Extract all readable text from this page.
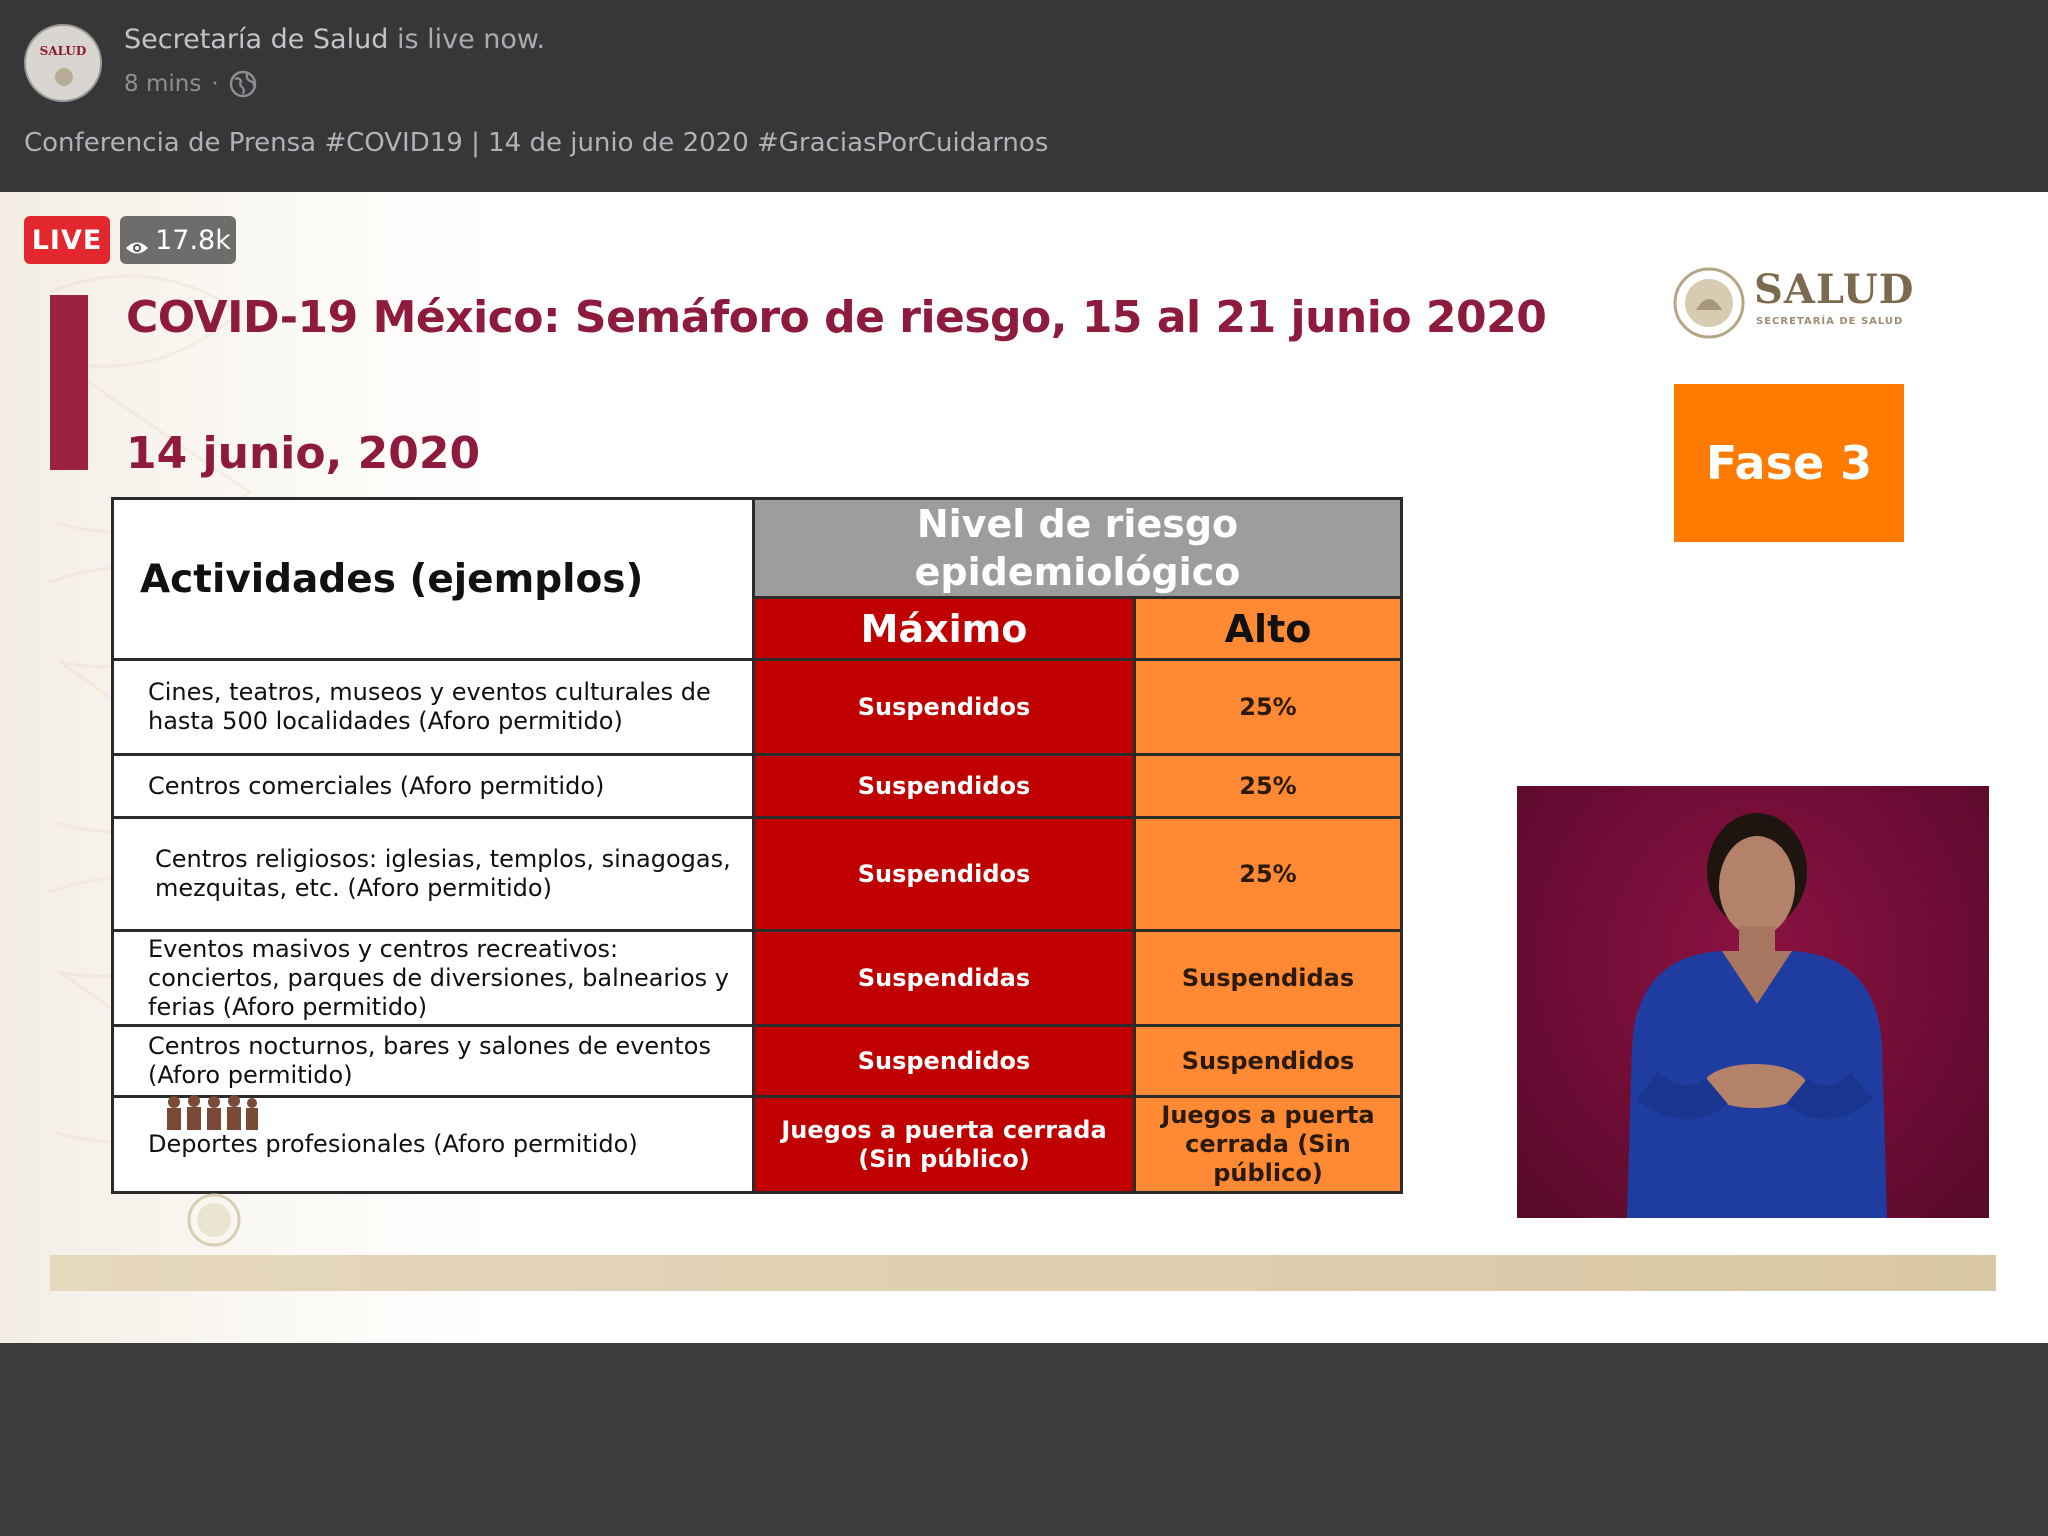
SALUD	Secretaría de Salud is live now.
8 mins ·
Conferencia de Prensa #COVID19 | 14 de junio de 2020 #GraciasPorCuidarnos
LIVE 17.8k
COVID-19 México: Semáforo de riesgo, 15 al 21 junio 2020
14 junio, 2020
SALUD
SECRETARÍA DE SALUD
Fase 3
Actividades (ejemplos)	Nivel de riesgo epidemiológico	
	Máximo	Alto
Cines, teatros, museos y eventos culturales de hasta 500 localidades (Aforo permitido)	Suspendidos	25%
Centros comerciales (Aforo permitido)	Suspendidos	25%
Centros religiosos: iglesias, templos, sinagogas, mezquitas, etc. (Aforo permitido)	Suspendidos	25%
Eventos masivos y centros recreativos: conciertos, parques de diversiones, balnearios y ferias (Aforo permitido)	Suspendidas	Suspendidas
Centros nocturnos, bares y salones de eventos (Aforo permitido)	Suspendidos	Suspendidos
Deportes profesionales (Aforo permitido)	Juegos a puerta cerrada (Sin público)	Juegos a puerta cerrada (Sin público)
